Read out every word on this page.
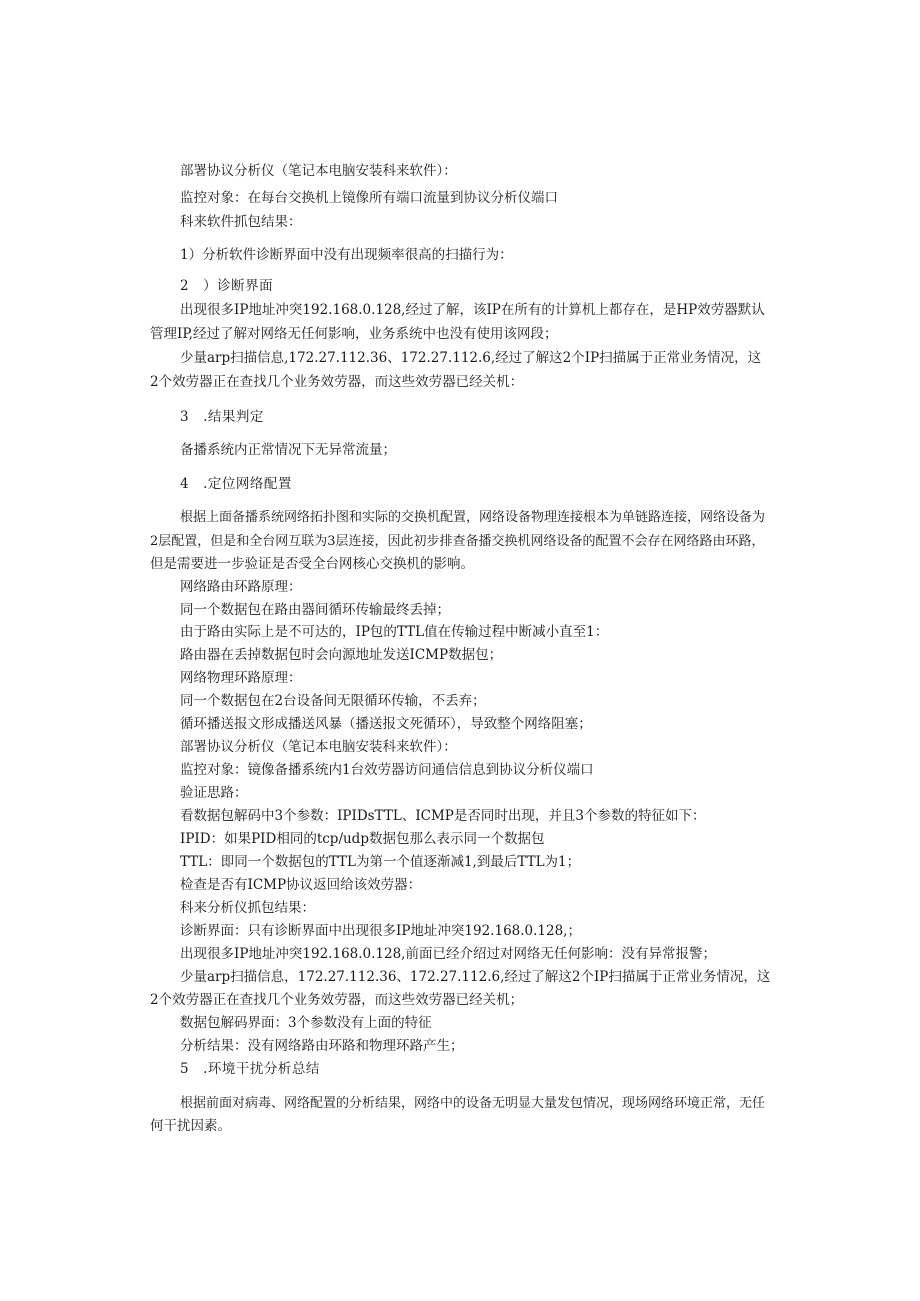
部署协议分析仪（笔记本电脑安装科来软件）：
监控对象：在每台交换机上镜像所有端口流量到协议分析仪端口
科来软件抓包结果：
1）分析软件诊断界面中没有出现频率很高的扫描行为：
2　）诊断界面
出现很多IP地址冲突192.168.0.128,经过了解，该IP在所有的计算机上都存在，是HP效劳器默认
管理IP,经过了解对网络无任何影响，业务系统中也没有使用该网段；
少量arp扫描信息,172.27.112.36、172.27.112.6,经过了解这2个IP扫描属于正常业务情况，这
2个效劳器正在查找几个业务效劳器，而这些效劳器已经关机：
3　.结果判定
备播系统内正常情况下无异常流量；
4　.定位网络配置
根据上面备播系统网络拓扑图和实际的交换机配置，网络设备物理连接根本为单链路连接，网络设备为
2层配置，但是和全台网互联为3层连接，因此初步排查备播交换机网络设备的配置不会存在网络路由环路，
但是需要进一步验证是否受全台网核心交换机的影响。
网络路由环路原理：
同一个数据包在路由器间循环传输最终丢掉；
由于路由实际上是不可达的，IP包的TTL值在传输过程中断减小直至1：
路由器在丢掉数据包时会向源地址发送ICMP数据包；
网络物理环路原理：
同一个数据包在2台设备间无限循环传输，不丢弃；
循环播送报文形成播送风暴（播送报文死循环），导致整个网络阻塞；
部署协议分析仪（笔记本电脑安装科来软件）：
监控对象：镜像备播系统内1台效劳器访问通信信息到协议分析仪端口
验证思路：
看数据包解码中3个参数：IPIDsTTL、ICMP是否同时出现，并且3个参数的特征如下：
IPID：如果PID相同的tcp/udp数据包那么表示同一个数据包
TTL：即同一个数据包的TTL为第一个值逐渐减1,到最后TTL为1；
检查是否有ICMP协议返回给该效劳器：
科来分析仪抓包结果：
诊断界面：只有诊断界面中出现很多IP地址冲突192.168.0.128,；
出现很多IP地址冲突192.168.0.128,前面已经介绍过对网络无任何影响：没有异常报警；
少量arp扫描信息，172.27.112.36、172.27.112.6,经过了解这2个IP扫描属于正常业务情况，这
2个效劳器正在查找几个业务效劳器，而这些效劳器已经关机；
数据包解码界面：3个参数没有上面的特征
分析结果：没有网络路由环路和物理环路产生；
5　.环境干扰分析总结
根据前面对病毒、网络配置的分析结果，网络中的设备无明显大量发包情况，现场网络环境正常，无任
何干扰因素。
